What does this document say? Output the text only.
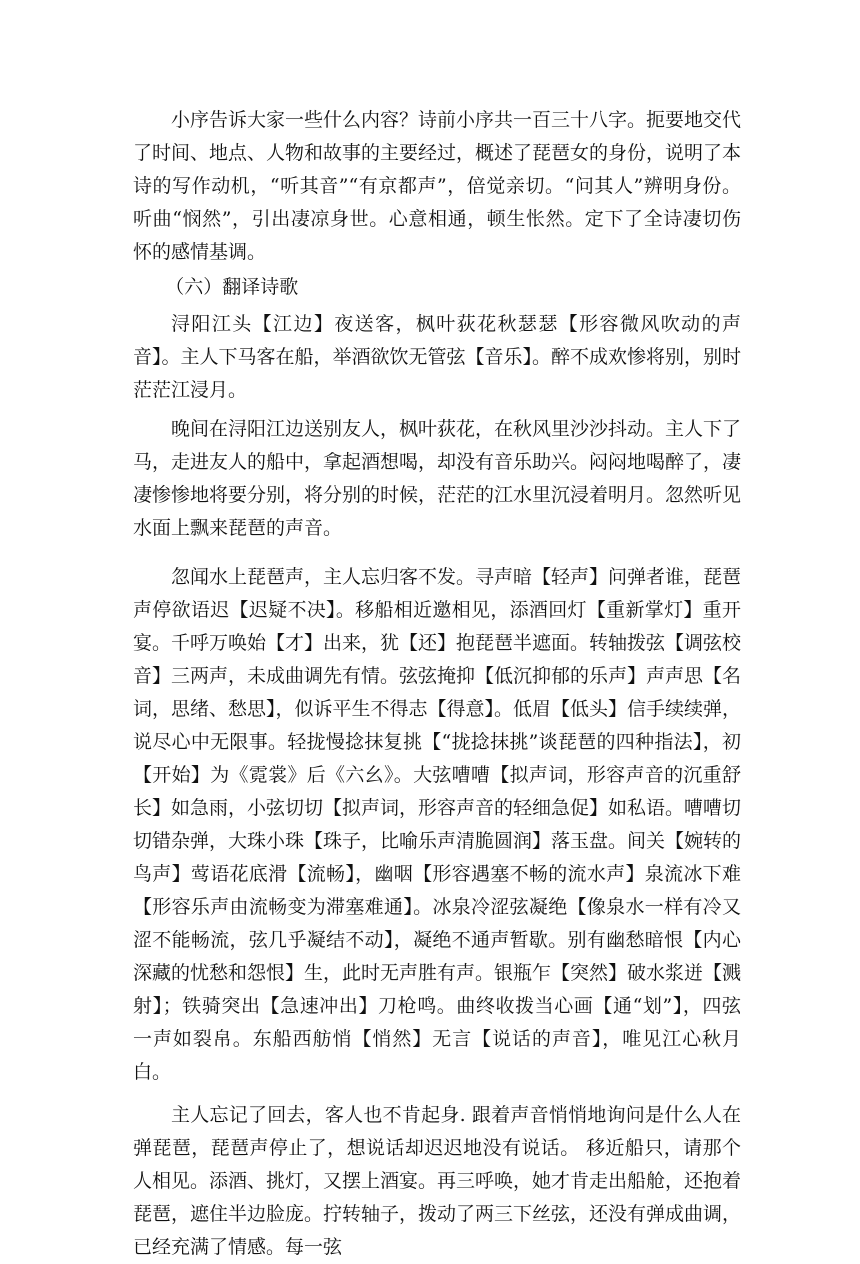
小序告诉大家一些什么内容？诗前小序共一百三十八字。扼要地交代了时间、地点、人物和故事的主要经过，概述了琵琶女的身份，说明了本诗的写作动机，“听其音”“有京都声”，倍觉亲切。“问其人”辨明身份。听曲“悯然”，引出凄凉身世。心意相通，顿生怅然。定下了全诗凄切伤怀的感情基调。

（六）翻译诗歌

浔阳江头【江边】夜送客，枫叶荻花秋瑟瑟【形容微风吹动的声音】。主人下马客在船，举酒欲饮无管弦【音乐】。醉不成欢惨将别，别时茫茫江浸月。

晚间在浔阳江边送别友人，枫叶荻花，在秋风里沙沙抖动。主人下了马，走进友人的船中，拿起酒想喝，却没有音乐助兴。闷闷地喝醉了，凄凄惨惨地将要分别，将分别的时候，茫茫的江水里沉浸着明月。忽然听见水面上飘来琵琶的声音。

忽闻水上琵琶声，主人忘归客不发。寻声暗【轻声】问弹者谁，琵琶声停欲语迟【迟疑不决】。移船相近邀相见，添酒回灯【重新掌灯】重开宴。千呼万唤始【才】出来，犹【还】抱琵琶半遮面。转轴拨弦【调弦校音】三两声，未成曲调先有情。弦弦掩抑【低沉抑郁的乐声】声声思【名词，思绪、愁思】，似诉平生不得志【得意】。低眉【低头】信手续续弹，说尽心中无限事。轻拢慢捻抹复挑【“拢捻抹挑”谈琵琶的四种指法】，初【开始】为《霓裳》后《六幺》。大弦嘈嘈【拟声词，形容声音的沉重舒长】如急雨，小弦切切【拟声词，形容声音的轻细急促】如私语。嘈嘈切切错杂弹，大珠小珠【珠子，比喻乐声清脆圆润】落玉盘。间关【婉转的鸟声】莺语花底滑【流畅】，幽咽【形容遇塞不畅的流水声】泉流冰下难【形容乐声由流畅变为滞塞难通】。冰泉冷涩弦凝绝【像泉水一样有冷又涩不能畅流，弦几乎凝结不动】，凝绝不通声暂歇。别有幽愁暗恨【内心深藏的忧愁和怨恨】生，此时无声胜有声。银瓶乍【突然】破水浆迸【溅射】；铁骑突出【急速冲出】刀枪鸣。曲终收拨当心画【通“划”】，四弦一声如裂帛。东船西舫悄【悄然】无言【说话的声音】，唯见江心秋月白。

主人忘记了回去，客人也不肯起身. 跟着声音悄悄地询问是什么人在弹琵琶，琵琶声停止了，想说话却迟迟地没有说话。 移近船只，请那个人相见。添酒、挑灯，又摆上酒宴。再三呼唤，她才肯走出船舱，还抱着琵琶，遮住半边脸庞。拧转轴子，拨动了两三下丝弦，还没有弹成曲调，已经充满了情感。每一弦
